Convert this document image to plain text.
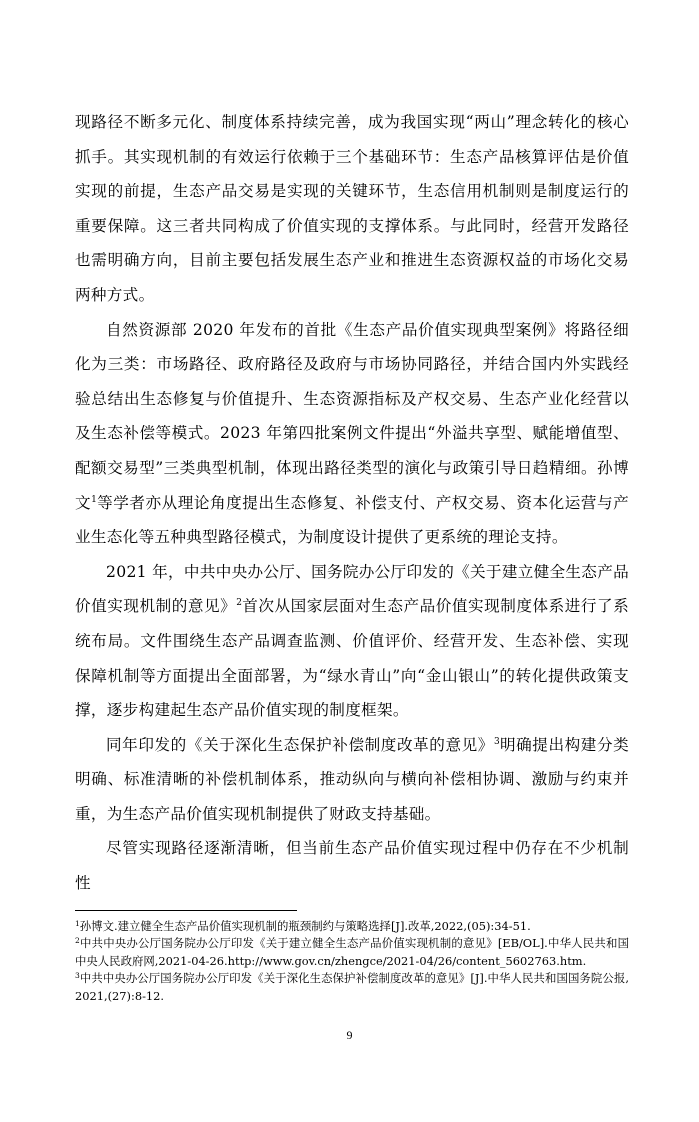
现路径不断多元化、制度体系持续完善，成为我国实现“两山”理念转化的核心抓手。其实现机制的有效运行依赖于三个基础环节：生态产品核算评估是价值实现的前提，生态产品交易是实现的关键环节，生态信用机制则是制度运行的重要保障。这三者共同构成了价值实现的支撑体系。与此同时，经营开发路径也需明确方向，目前主要包括发展生态产业和推进生态资源权益的市场化交易两种方式。

自然资源部 2020 年发布的首批《生态产品价值实现典型案例》将路径细化为三类：市场路径、政府路径及政府与市场协同路径，并结合国内外实践经验总结出生态修复与价值提升、生态资源指标及产权交易、生态产业化经营以及生态补偿等模式。2023 年第四批案例文件提出“外溢共享型、赋能增值型、配额交易型”三类典型机制，体现出路径类型的演化与政策引导日趋精细。孙博文$^1$等学者亦从理论角度提出生态修复、补偿支付、产权交易、资本化运营与产业生态化等五种典型路径模式，为制度设计提供了更系统的理论支持。

2021 年，中共中央办公厅、国务院办公厅印发的《关于建立健全生态产品价值实现机制的意见》$^2$首次从国家层面对生态产品价值实现制度体系进行了系统布局。文件围绕生态产品调查监测、价值评价、经营开发、生态补偿、实现保障机制等方面提出全面部署，为“绿水青山”向“金山银山”的转化提供政策支撑，逐步构建起生态产品价值实现的制度框架。

同年印发的《关于深化生态保护补偿制度改革的意见》$^3$明确提出构建分类明确、标准清晰的补偿机制体系，推动纵向与横向补偿相协调、激励与约束并重，为生态产品价值实现机制提供了财政支持基础。

尽管实现路径逐渐清晰，但当前生态产品价值实现过程中仍存在不少机制性

$^1$孙博文.建立健全生态产品价值实现机制的瓶颈制约与策略选择[J].改革,2022,(05):34-51.

$^2$中共中央办公厅国务院办公厅印发《关于建立健全生态产品价值实现机制的意见》[EB/OL].中华人民共和国中央人民政府网,2021-04-26.http://www.gov.cn/zhengce/2021-04/26/content_5602763.htm.

$^3$中共中央办公厅国务院办公厅印发《关于深化生态保护补偿制度改革的意见》[J].中华人民共和国国务院公报,2021,(27):8-12.

9
